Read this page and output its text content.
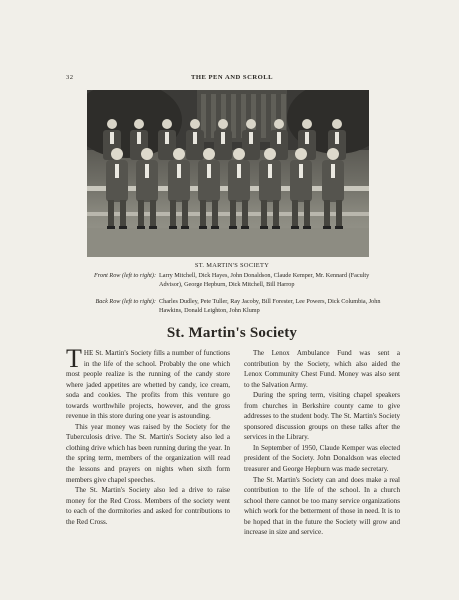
32	THE PEN AND SCROLL
ST. MARTIN'S SOCIETY
Front Row (left to right): Larry Mitchell, Dick Hayes, John Donaldson, Claude Kemper, Mr. Kennard (Faculty Advisor), George Hepburn, Dick Mitchell, Bill Harrop
Back Row (left to right): Charles Dudley, Pete Tuller, Ray Jacoby, Bill Forester, Lee Powers, Dick Columbia, John Hawkins, Donald Leighton, John Klump
St. Martin's Society

THE St. Martin's Society fills a number of functions in the life of the school. Probably the one which most people realize is the running of the candy store where jaded appetites are whetted by candy, ice cream, soda and cookies. The profits from this venture go towards worthwhile projects, however, and the gross revenue in this store during one year is astounding.

This year money was raised by the Society for the Tuberculosis drive. The St. Martin's Society also led a clothing drive which has been running during the year. In the spring term, members of the organization will read the lessons and prayers on nights when sixth form members give chapel speeches.

The St. Martin's Society also led a drive to raise money for the Red Cross. Members of the society went to each of the dormitories and asked for contributions to the Red Cross.

The Lenox Ambulance Fund was sent a contribution by the Society, which also aided the Lenox Community Chest Fund. Money was also sent to the Salvation Army.

During the spring term, visiting chapel speakers from churches in Berkshire county came to give addresses to the student body. The St. Martin's Society sponsored discussion groups on these talks after the services in the Library.

In September of 1950, Claude Kemper was elected president of the Society. John Donaldson was elected treasurer and George Hepburn was made secretary.

The St. Martin's Society can and does make a real contribution to the life of the school. In a church school there cannot be too many service organizations which work for the betterment of those in need. It is to be hoped that in the future the Society will grow and increase in size and service.
